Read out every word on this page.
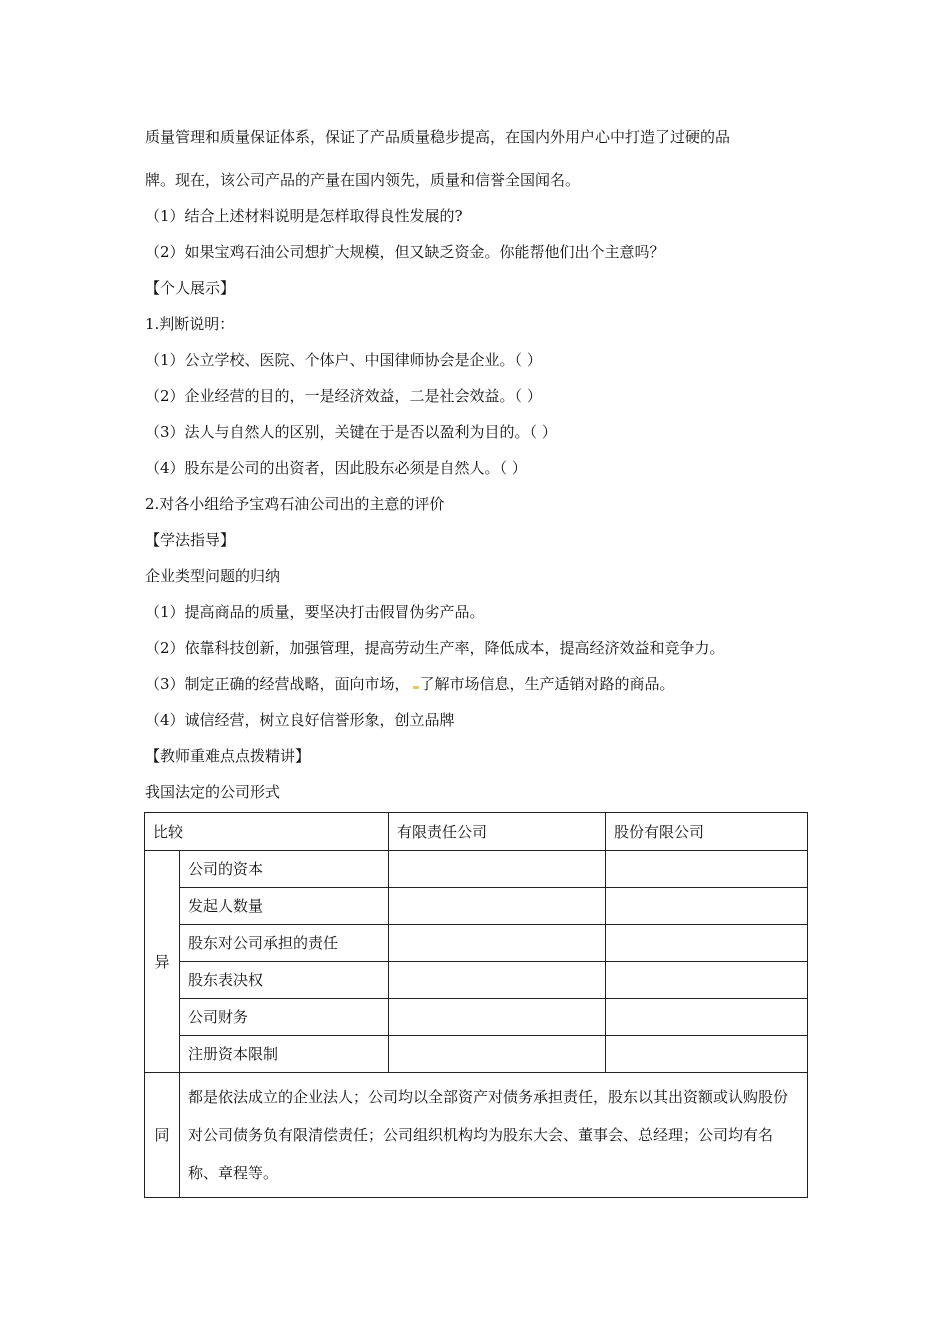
质量管理和质量保证体系，保证了产品质量稳步提高，在国内外用户心中打造了过硬的品
牌。现在，该公司产品的产量在国内领先，质量和信誉全国闻名。
（1）结合上述材料说明是怎样取得良性发展的?
（2）如果宝鸡石油公司想扩大规模，但又缺乏资金。你能帮他们出个主意吗？
【个人展示】
1.判断说明：
（1）公立学校、医院、个体户、中国律师协会是企业。（ ）
（2）企业经营的目的，一是经济效益，二是社会效益。（ ）
（3）法人与自然人的区别，关键在于是否以盈利为目的。（ ）
（4）股东是公司的出资者，因此股东必须是自然人。（ ）
2.对各小组给予宝鸡石油公司出的主意的评价
【学法指导】
企业类型问题的归纳
（1）提高商品的质量，要坚决打击假冒伪劣产品。
（2）依靠科技创新，加强管理，提高劳动生产率，降低成本，提高经济效益和竞争力。
（3）制定正确的经营战略，面向市场， 了解市场信息，生产适销对路的商品。
（4）诚信经营，树立良好信誉形象，创立品牌
【教师重难点点拨精讲】
我国法定的公司形式
比较		有限责任公司	股份有限公司
异	公司的资本		
	发起人数量		
	股东对公司承担的责任		
	股东表决权		
	公司财务		
	注册资本限制		
同	都是依法成立的企业法人；公司均以全部资产对债务承担责任，股东以其出资额或认购股份对公司债务负有限清偿责任；公司组织机构均为股东大会、董事会、总经理；公司均有名称、章程等。		
